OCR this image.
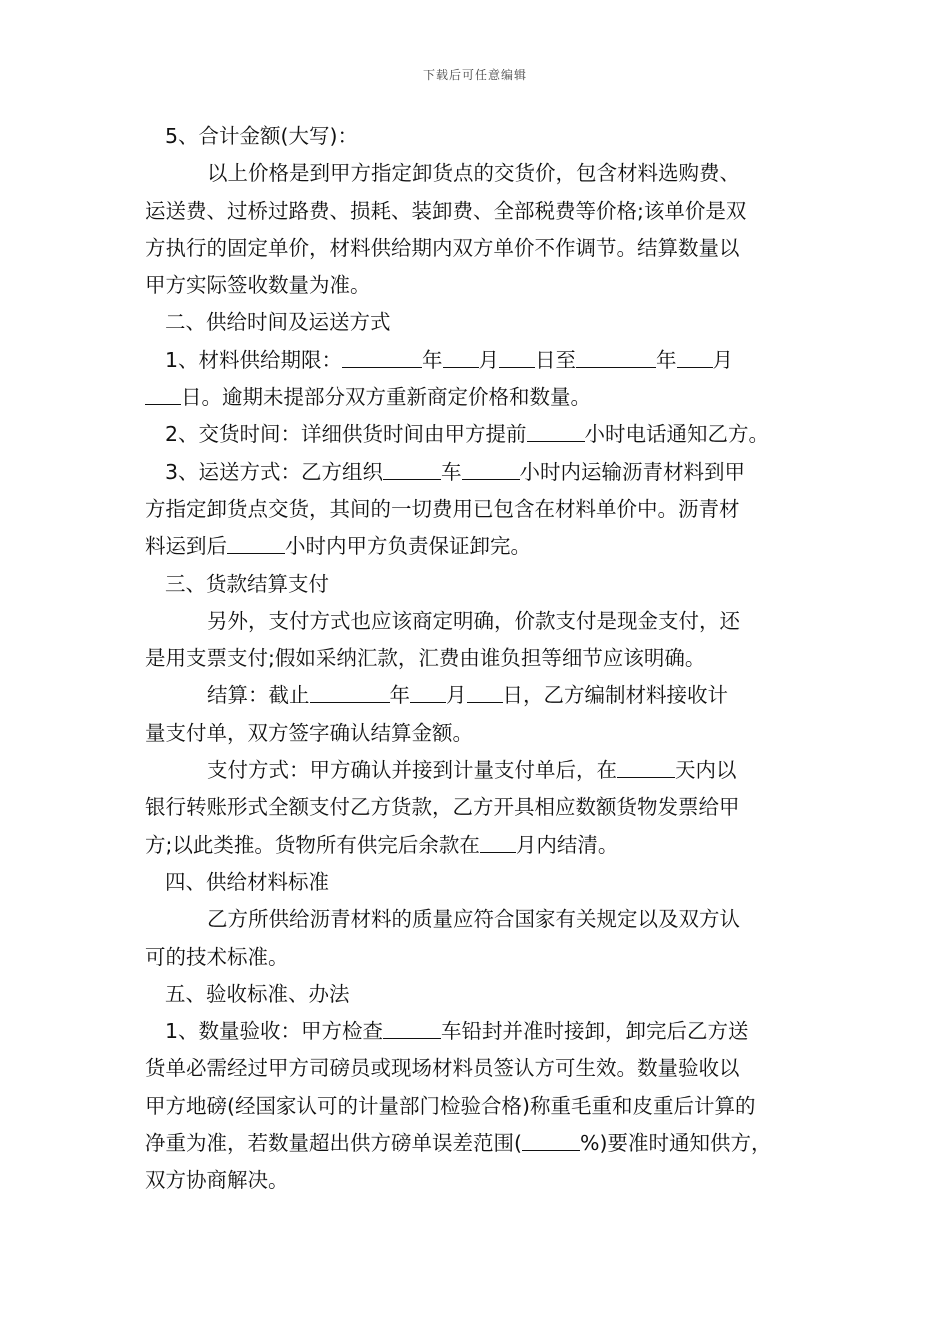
下载后可任意编辑
5、合计金额(大写)：
以上价格是到甲方指定卸货点的交货价，包含材料选购费、
运送费、过桥过路费、损耗、装卸费、全部税费等价格;该单价是双
方执行的固定单价，材料供给期内双方单价不作调节。结算数量以
甲方实际签收数量为准。
二、供给时间及运送方式
1、材料供给期限：	年 月 日至	年 月
日。逾期未提部分双方重新商定价格和数量。
2、交货时间：详细供货时间由甲方提前	小时电话通知乙方。
3、运送方式：乙方组织	车	小时内运输沥青材料到甲
方指定卸货点交货，其间的一切费用已包含在材料单价中。沥青材
料运到后	小时内甲方负责保证卸完。
三、货款结算支付
另外，支付方式也应该商定明确，价款支付是现金支付，还
是用支票支付;假如采纳汇款，汇费由谁负担等细节应该明确。
结算：截止	年 月 日，乙方编制材料接收计
量支付单，双方签字确认结算金额。
支付方式：甲方确认并接到计量支付单后，在	天内以
银行转账形式全额支付乙方货款，乙方开具相应数额货物发票给甲
方;以此类推。货物所有供完后余款在 月内结清。
四、供给材料标准
乙方所供给沥青材料的质量应符合国家有关规定以及双方认
可的技术标准。
五、验收标准、办法
1、数量验收：甲方检查	车铅封并准时接卸，卸完后乙方送
货单必需经过甲方司磅员或现场材料员签认方可生效。数量验收以
甲方地磅(经国家认可的计量部门检验合格)称重毛重和皮重后计算的
净重为准，若数量超出供方磅单误差范围(	%)要准时通知供方，
双方协商解决。
